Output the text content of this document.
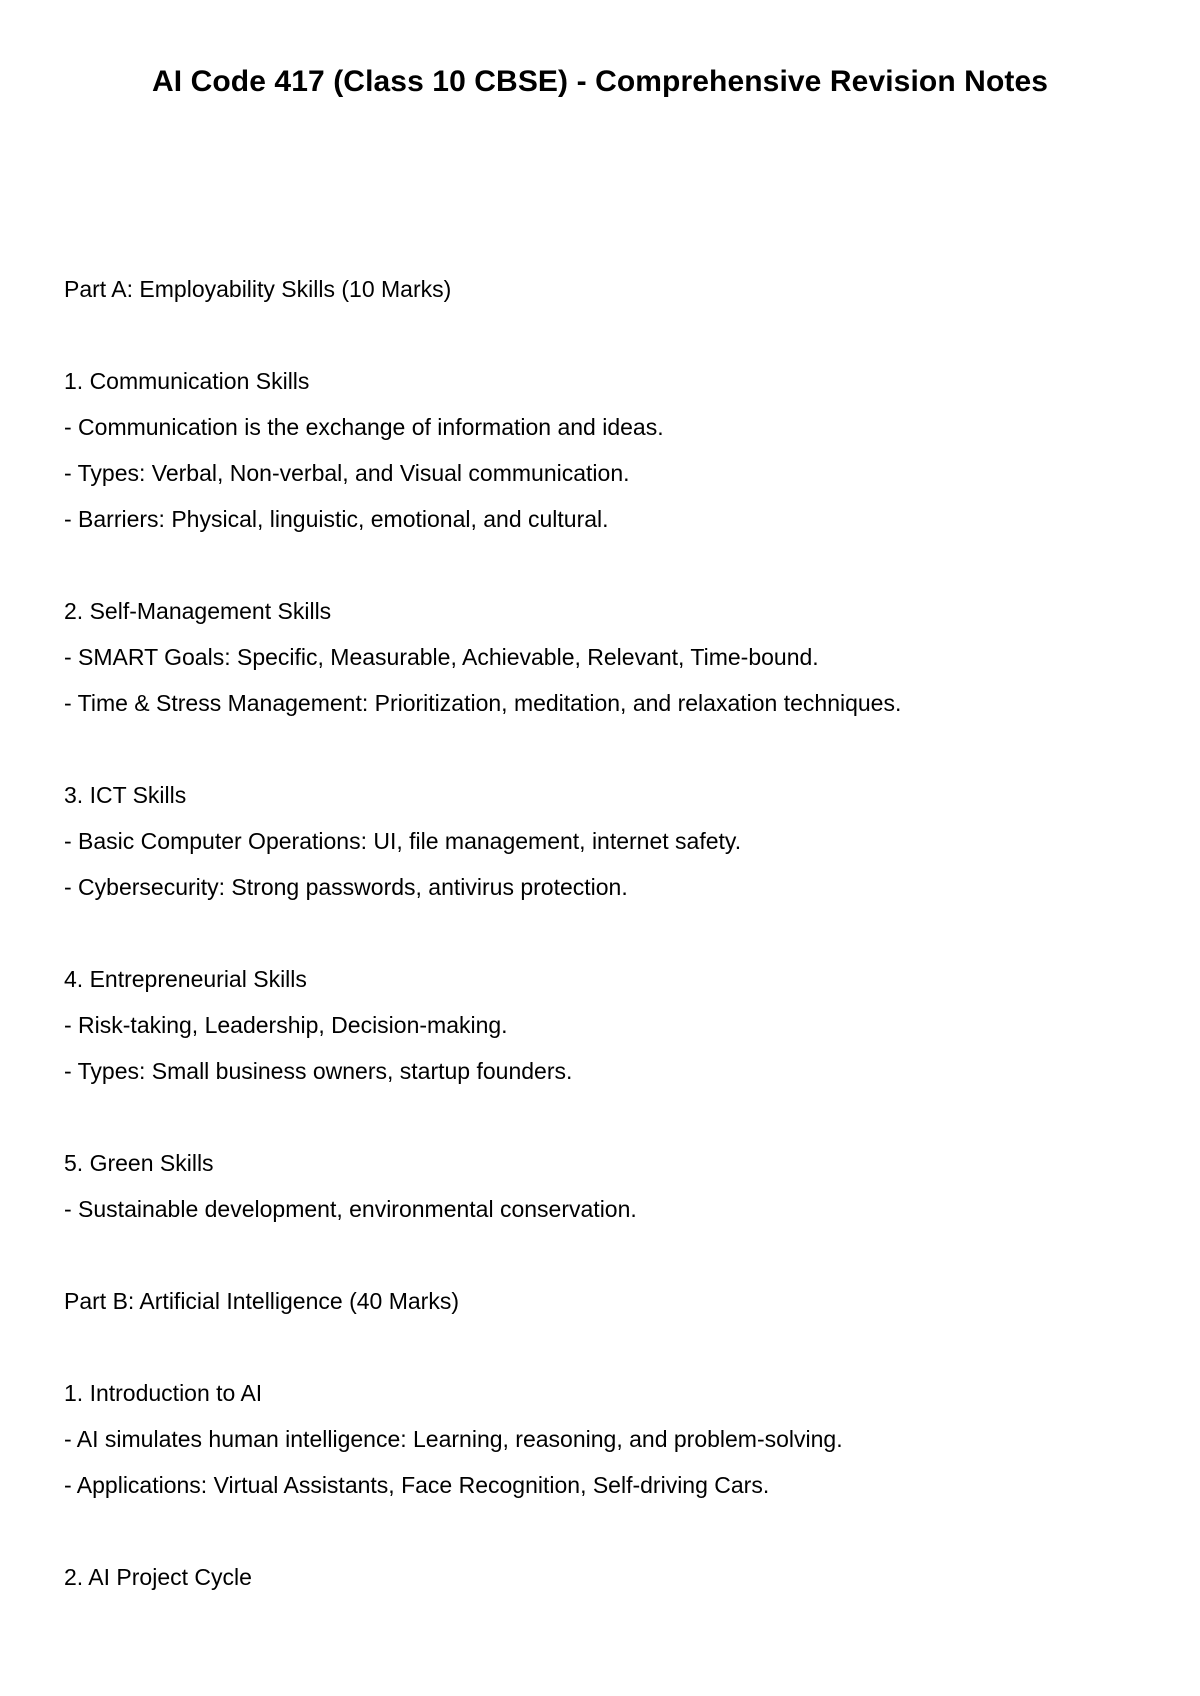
AI Code 417 (Class 10 CBSE) - Comprehensive Revision Notes

Part A: Employability Skills (10 Marks)

1. Communication Skills

- Communication is the exchange of information and ideas.

- Types: Verbal, Non-verbal, and Visual communication.

- Barriers: Physical, linguistic, emotional, and cultural.

2. Self-Management Skills

- SMART Goals: Specific, Measurable, Achievable, Relevant, Time-bound.

- Time & Stress Management: Prioritization, meditation, and relaxation techniques.

3. ICT Skills

- Basic Computer Operations: UI, file management, internet safety.

- Cybersecurity: Strong passwords, antivirus protection.

4. Entrepreneurial Skills

- Risk-taking, Leadership, Decision-making.

- Types: Small business owners, startup founders.

5. Green Skills

- Sustainable development, environmental conservation.

Part B: Artificial Intelligence (40 Marks)

1. Introduction to AI

- AI simulates human intelligence: Learning, reasoning, and problem-solving.

- Applications: Virtual Assistants, Face Recognition, Self-driving Cars.

2. AI Project Cycle
